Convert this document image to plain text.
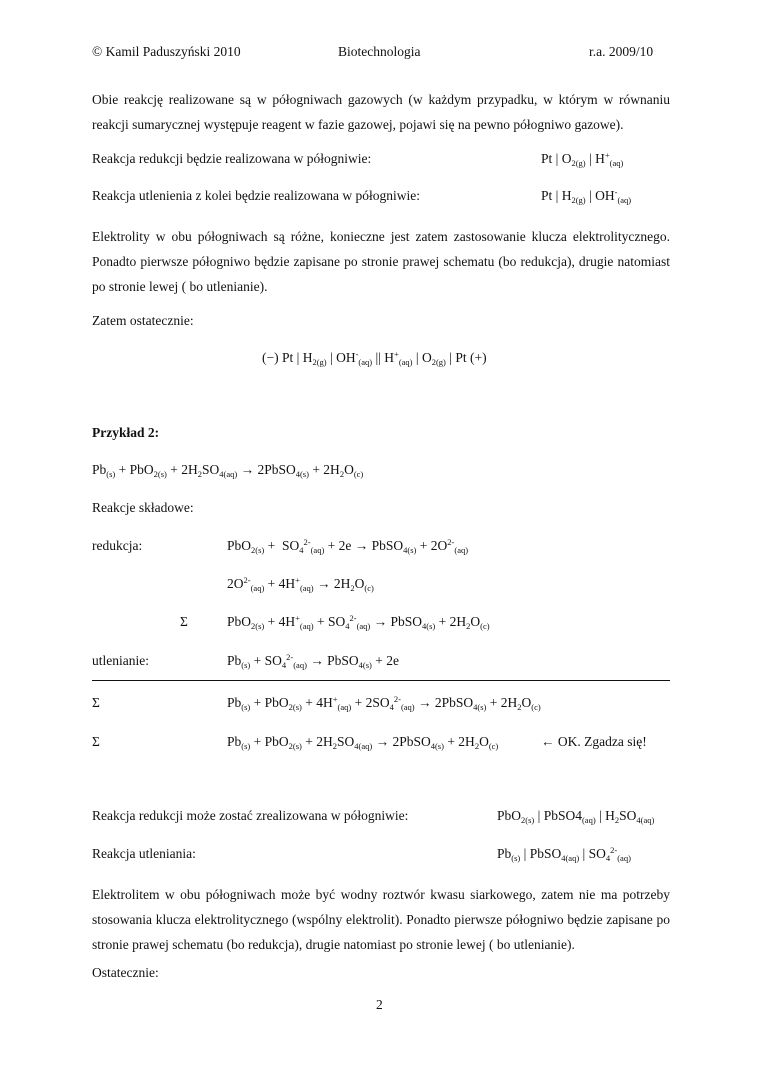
© Kamil Paduszyński 2010	Biotechnologia	r.a. 2009/10
Obie reakcję realizowane są w półogniwach gazowych (w każdym przypadku, w którym w równaniu reakcji sumarycznej występuje reagent w fazie gazowej, pojawi się na pewno półogniwo gazowe).
Reakcja redukcji będzie realizowana w półogniwie:	Pt | $O_{2(g)}$ | $H^+_{(aq)}$
Reakcja utlenienia z kolei będzie realizowana w półogniwie:	Pt | $H_{2(g)}$ | $OH^-_{(aq)}$
Elektrolity w obu półogniwach są różne, konieczne jest zatem zastosowanie klucza elektrolitycznego. Ponadto pierwsze półogniwo będzie zapisane po stronie prawej schematu (bo redukcja), drugie natomiast po stronie lewej ( bo utlenianie).
Zatem ostatecznie:
(−) Pt | $H_{2(g)}$ | $OH^-_{(aq)}$ || $H^+_{(aq)}$ | $O_{2(g)}$ | Pt (+)
Przykład 2:
$Pb_{(s)} + PbO_{2(s)} + 2H_2SO_{4(aq)}$ → 2PbSO$_{4(s)}$ + $2H_2O_{(c)}$
Reakcje składowe:
redukcja:	$PbO_{2(s)} + SO_4^{2-}_{(aq)} + 2e$ → PbSO$_{4(s)}$ + $2O^{2-}_{(aq)}$
$2O^{2-}_{(aq)} + 4H^+_{(aq)} \to 2H_2O_{(c)}$
Σ	$PbO_{2(s)} + 4H^+_{(aq)} + SO_4^{2-}_{(aq)}$ → PbSO$_{4(s)}$ + $2H_2O_{(c)}$
utlenianie:	$Pb_{(s)} + SO_4^{2-}_{(aq)}$ → PbSO$_{4(s)}$ + 2e
Σ	$Pb_{(s)} + PbO_{2(s)} + 4H^+_{(aq)} + 2SO_4^{2-}_{(aq)}$ → 2PbSO$_{4(s)}$ + $2H_2O_{(c)}$
Σ	$Pb_{(s)} + PbO_{2(s)} + 2H_2SO_{4(aq)}$ → 2PbSO$_{4(s)}$ + $2H_2O_{(c)}$	← OK. Zgadza się!
Reakcja redukcji może zostać zrealizowana w półogniwie:	PbO$_{2(s)}$ | $PbSO4_{(aq)}$ | $H_2SO_{4(aq)}$
Reakcja utleniania:	$Pb_{(s)}$ | PbSO$_{4(aq)}$ | $SO_4^{2-}_{(aq)}$
Elektrolitem w obu półogniwach może być wodny roztwór kwasu siarkowego, zatem nie ma potrzeby stosowania klucza elektrolitycznego (wspólny elektrolit). Ponadto pierwsze półogniwo będzie zapisane po stronie prawej schematu (bo redukcja), drugie natomiast po stronie lewej ( bo utlenianie).
Ostatecznie:
2
